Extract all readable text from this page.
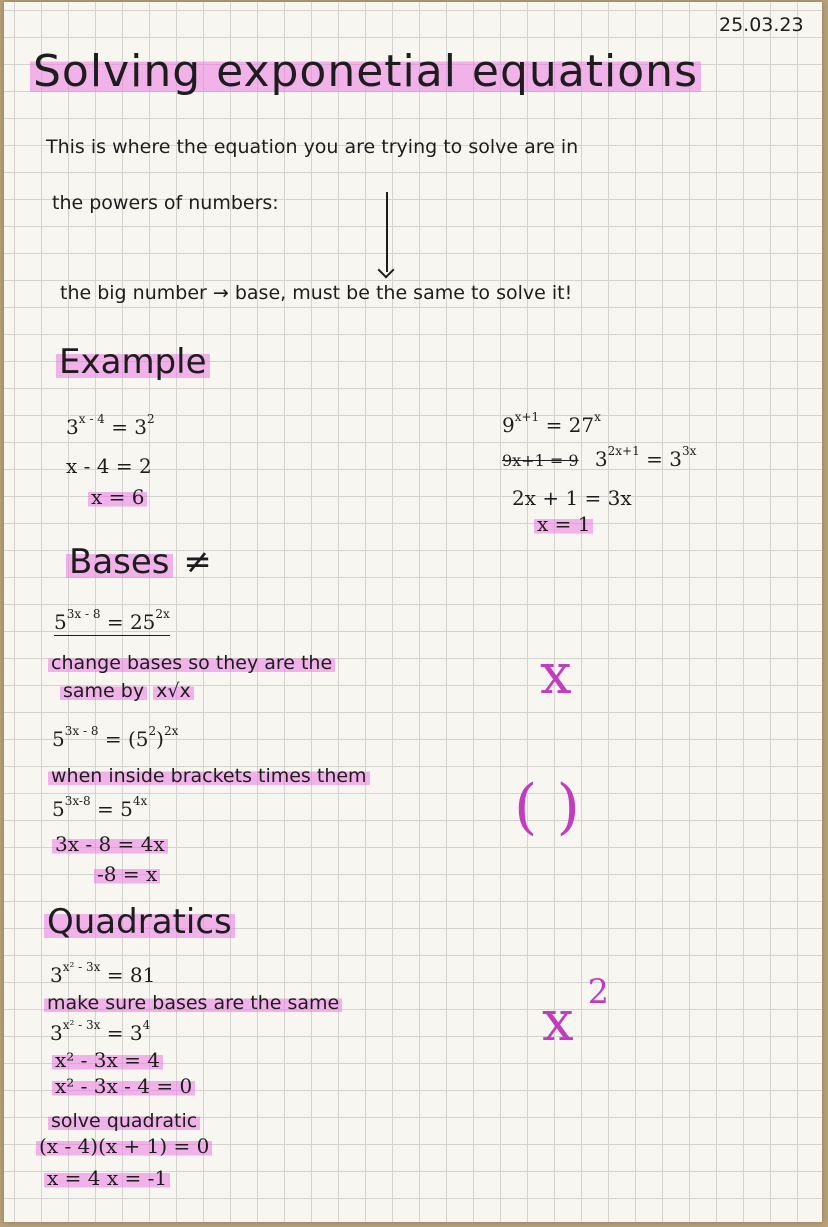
25.03.23
Solving exponetial equations
This is where the equation you are trying to solve are in
the powers of numbers:
the big number → base, must be the same to solve it!
Example
$3^{x - 4} = 3^2$
x - 4 = 2
x = 6
$9^{x+1} = 27^x$
9x+1 = 9 $3^{2x+1} = 3^{3x}$
2x + 1 = 3x
x = 1
Bases ≠
$5^{3x - 8} = 25^{2x}$
change bases so they are the
same by x√x
$5^{3x - 8} = (5^2)^{2x}$
when inside brackets times them
$5^{3x-8} = 5^{4x}$
3x - 8 = 4x
-8 = x
x
( )
x $^2$
Quadratics
$3^{x^2 - 3x} = 81$
make sure bases are the same
$3^{x^2 - 3x} = 3^4$
x² - 3x = 4
x² - 3x - 4 = 0
solve quadratic
(x - 4)(x + 1) = 0
x = 4 x = -1
